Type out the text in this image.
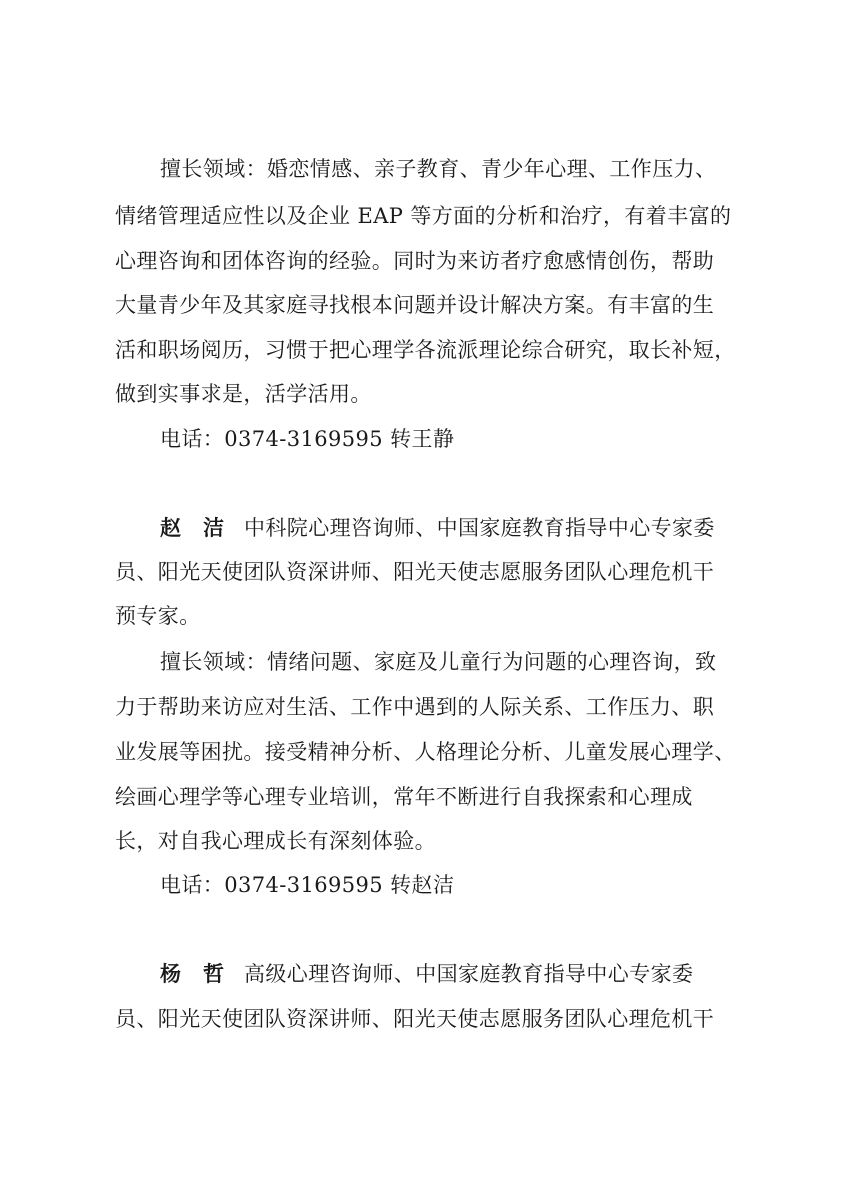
擅长领域：婚恋情感、亲子教育、青少年心理、工作压力、
情绪管理适应性以及企业 EAP 等方面的分析和治疗，有着丰富的
心理咨询和团体咨询的经验。同时为来访者疗愈感情创伤，帮助
大量青少年及其家庭寻找根本问题并设计解决方案。有丰富的生
活和职场阅历，习惯于把心理学各流派理论综合研究，取长补短，
做到实事求是，活学活用。
电话：0374-3169595 转王静
赵 洁 中科院心理咨询师、中国家庭教育指导中心专家委
员、阳光天使团队资深讲师、阳光天使志愿服务团队心理危机干
预专家。
擅长领域：情绪问题、家庭及儿童行为问题的心理咨询，致
力于帮助来访应对生活、工作中遇到的人际关系、工作压力、职
业发展等困扰。接受精神分析、人格理论分析、儿童发展心理学、
绘画心理学等心理专业培训，常年不断进行自我探索和心理成
长，对自我心理成长有深刻体验。
电话：0374-3169595 转赵洁
杨 哲 高级心理咨询师、中国家庭教育指导中心专家委
员、阳光天使团队资深讲师、阳光天使志愿服务团队心理危机干
